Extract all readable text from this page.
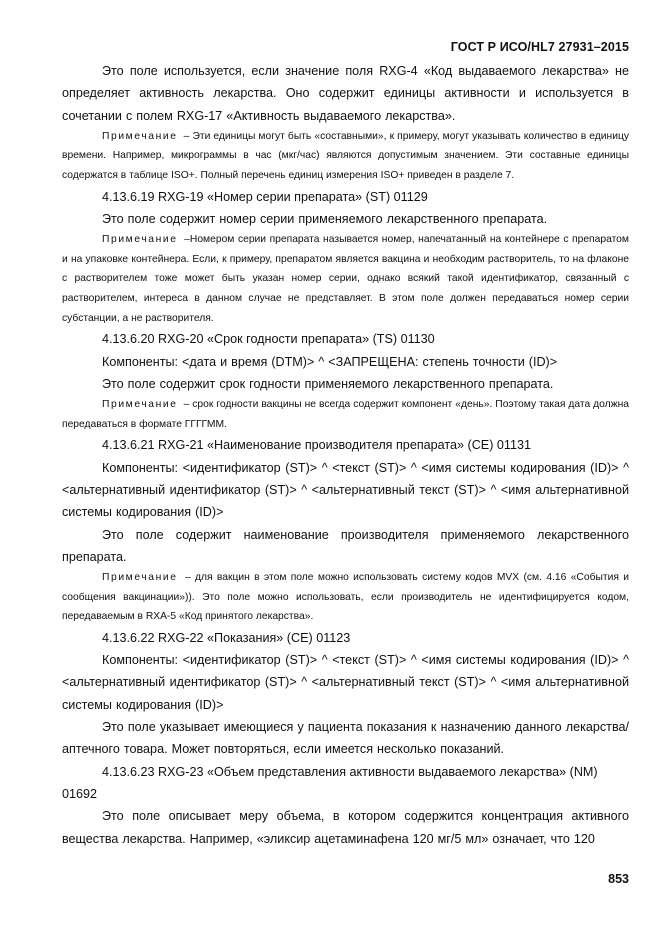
ГОСТ Р ИСО/HL7 27931–2015

Это поле используется, если значение поля RXG-4 «Код выдаваемого лекарства» не определяет активность лекарства. Оно содержит единицы активности и используется в сочетании с полем RXG-17 «Активность выдаваемого лекарства».

Примечание – Эти единицы могут быть «составными», к примеру, могут указывать количество в единицу времени. Например, микрограммы в час (мкг/час) являются допустимым значением. Эти составные единицы содержатся в таблице ISO+. Полный перечень единиц измерения ISO+ приведен в разделе 7.

4.13.6.19 RXG-19 «Номер серии препарата» (ST) 01129

Это поле содержит номер серии применяемого лекарственного препарата.

Примечание –Номером серии препарата называется номер, напечатанный на контейнере с препаратом и на упаковке контейнера. Если, к примеру, препаратом является вакцина и необходим растворитель, то на флаконе с растворителем тоже может быть указан номер серии, однако всякий такой идентификатор, связанный с растворителем, интереса в данном случае не представляет. В этом поле должен передаваться номер серии субстанции, а не растворителя.

4.13.6.20 RXG-20 «Срок годности препарата» (TS) 01130

Компоненты: <дата и время (DTM)> ^ <ЗАПРЕЩЕНА: степень точности (ID)>

Это поле содержит срок годности применяемого лекарственного препарата.

Примечание – срок годности вакцины не всегда содержит компонент «день». Поэтому такая дата должна передаваться в формате ГГГГММ.

4.13.6.21 RXG-21 «Наименование производителя препарата» (CE) 01131

Компоненты: <идентификатор (ST)> ^ <текст (ST)> ^ <имя системы кодирования (ID)> ^ <альтернативный идентификатор (ST)> ^ <альтернативный текст (ST)> ^ <имя альтернативной системы кодирования (ID)>

Это поле содержит наименование производителя применяемого лекарственного препарата.

Примечание – для вакцин в этом поле можно использовать систему кодов MVX (см. 4.16 «События и сообщения вакцинации»)). Это поле можно использовать, если производитель не идентифицируется кодом, передаваемым в RXA-5 «Код принятого лекарства».

4.13.6.22 RXG-22 «Показания» (CE) 01123

Компоненты: <идентификатор (ST)> ^ <текст (ST)> ^ <имя системы кодирования (ID)> ^ <альтернативный идентификатор (ST)> ^ <альтернативный текст (ST)> ^ <имя альтернативной системы кодирования (ID)>

Это поле указывает имеющиеся у пациента показания к назначению данного лекарства/аптечного товара. Может повторяться, если имеется несколько показаний.

4.13.6.23 RXG-23 «Объем представления активности выдаваемого лекарства» (NM) 01692

Это поле описывает меру объема, в котором содержится концентрация активного вещества лекарства. Например, «эликсир ацетаминафена 120 мг/5 мл» означает, что 120

853
